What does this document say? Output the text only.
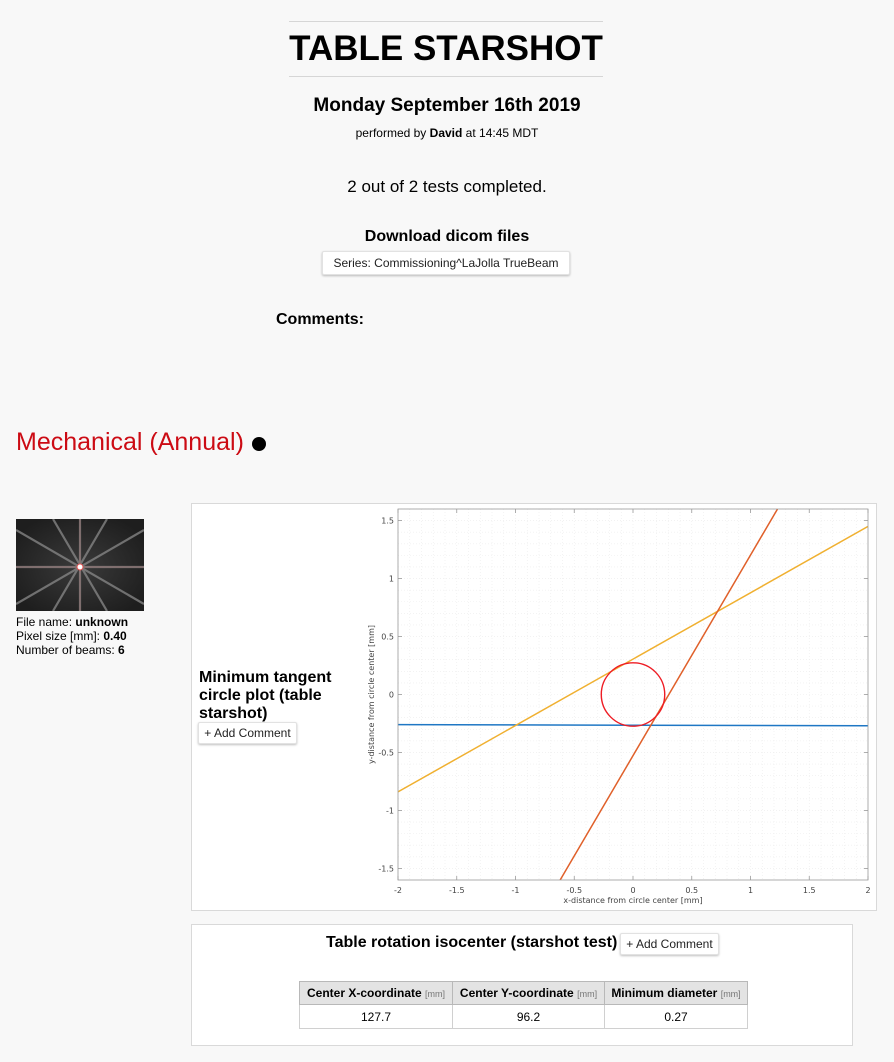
TABLE STARSHOT
Monday September 16th 2019
performed by David at 14:45 MDT
2 out of 2 tests completed.
Download dicom files
Series: Commissioning^LaJolla TrueBeam
Comments:
Mechanical (Annual)
File name: unknown
Pixel size [mm]: 0.40
Number of beams: 6
Minimum tangent circle plot (table starshot)
+ Add Comment
-2	-1.5	-1	-0.5	0	0.5	1	1.5	2
1.5
1
0.5
0
-0.5
-1
-1.5
x-distance from circle center [mm]
y-distance from circle center [mm]
Table rotation isocenter (starshot test) + Add Comment
Center X-coordinate [mm]	Center Y-coordinate [mm]	Minimum diameter [mm]
127.7	96.2	0.27
